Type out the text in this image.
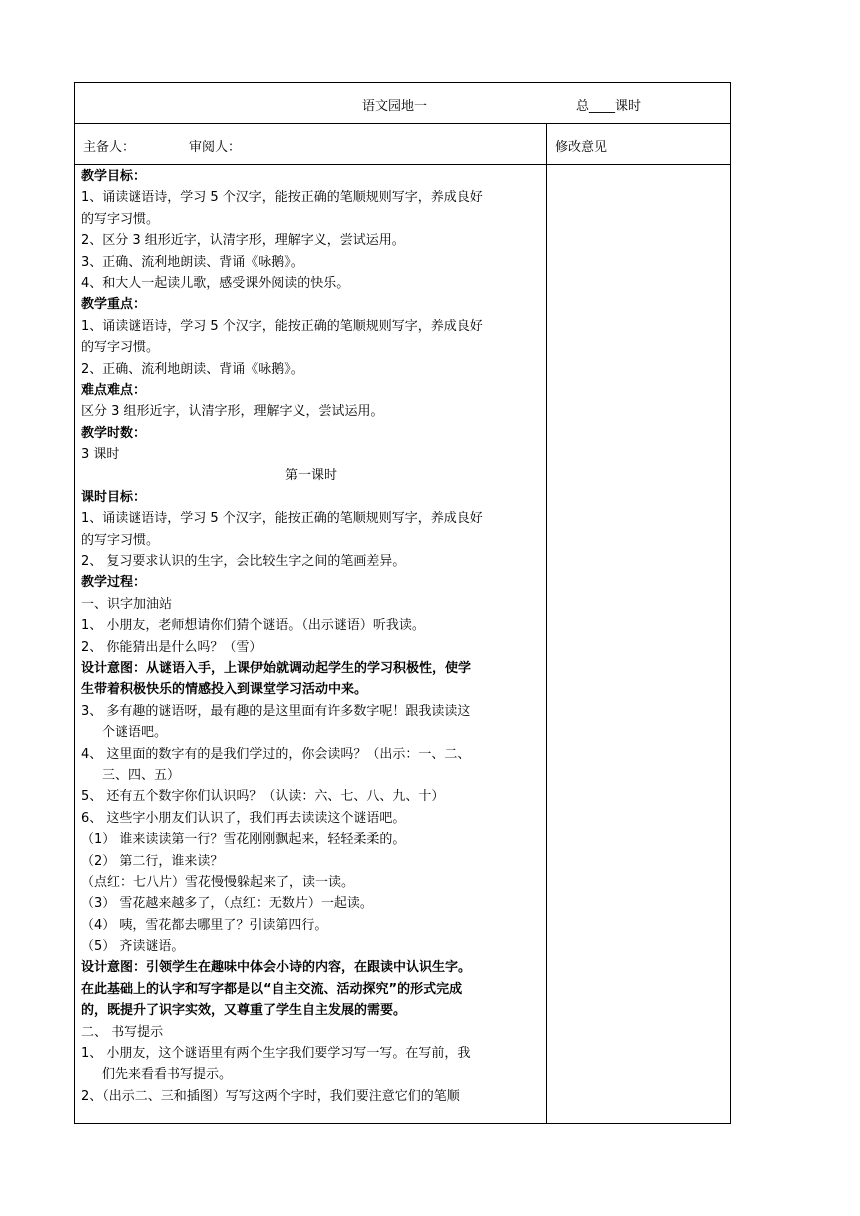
语文园地一	总____课时
主备人：	审阅人：	修改意见
教学目标：
1、诵读谜语诗，学习 5 个汉字，能按正确的笔顺规则写字，养成良好
的写字习惯。
2、区分 3 组形近字，认清字形，理解字义，尝试运用。
3、正确、流利地朗读、背诵《咏鹅》。
4、和大人一起读儿歌，感受课外阅读的快乐。
教学重点：
1、诵读谜语诗，学习 5 个汉字，能按正确的笔顺规则写字，养成良好
的写字习惯。
2、正确、流利地朗读、背诵《咏鹅》。
难点难点：
区分 3 组形近字，认清字形，理解字义，尝试运用。
教学时数：
3 课时
第一课时
课时目标：
1、诵读谜语诗，学习 5 个汉字，能按正确的笔顺规则写字，养成良好
的写字习惯。
2、 复习要求认识的生字，会比较生字之间的笔画差异。
教学过程：
一、识字加油站
1、 小朋友，老师想请你们猜个谜语。（出示谜语）听我读。
2、 你能猜出是什么吗？（雪）
设计意图：从谜语入手，上课伊始就调动起学生的学习积极性，使学
生带着积极快乐的情感投入到课堂学习活动中来。
3、 多有趣的谜语呀，最有趣的是这里面有许多数字呢！跟我读读这
个谜语吧。
4、 这里面的数字有的是我们学过的，你会读吗？（出示：一、二、
三、四、五）
5、 还有五个数字你们认识吗？（认读：六、七、八、九、十）
6、 这些字小朋友们认识了，我们再去读读这个谜语吧。
（1） 谁来读读第一行？雪花刚刚飘起来，轻轻柔柔的。
（2） 第二行，谁来读？
（点红：七八片）雪花慢慢躲起来了，读一读。
（3） 雪花越来越多了，（点红：无数片）一起读。
（4） 咦，雪花都去哪里了？引读第四行。
（5） 齐读谜语。
设计意图：引领学生在趣味中体会小诗的内容，在跟读中认识生字。
在此基础上的认字和写字都是以“自主交流、活动探究”的形式完成
的，既提升了识字实效，又尊重了学生自主发展的需要。
二、 书写提示
1、 小朋友，这个谜语里有两个生字我们要学习写一写。在写前，我
们先来看看书写提示。
2、（出示二、三和插图）写写这两个字时，我们要注意它们的笔顺
